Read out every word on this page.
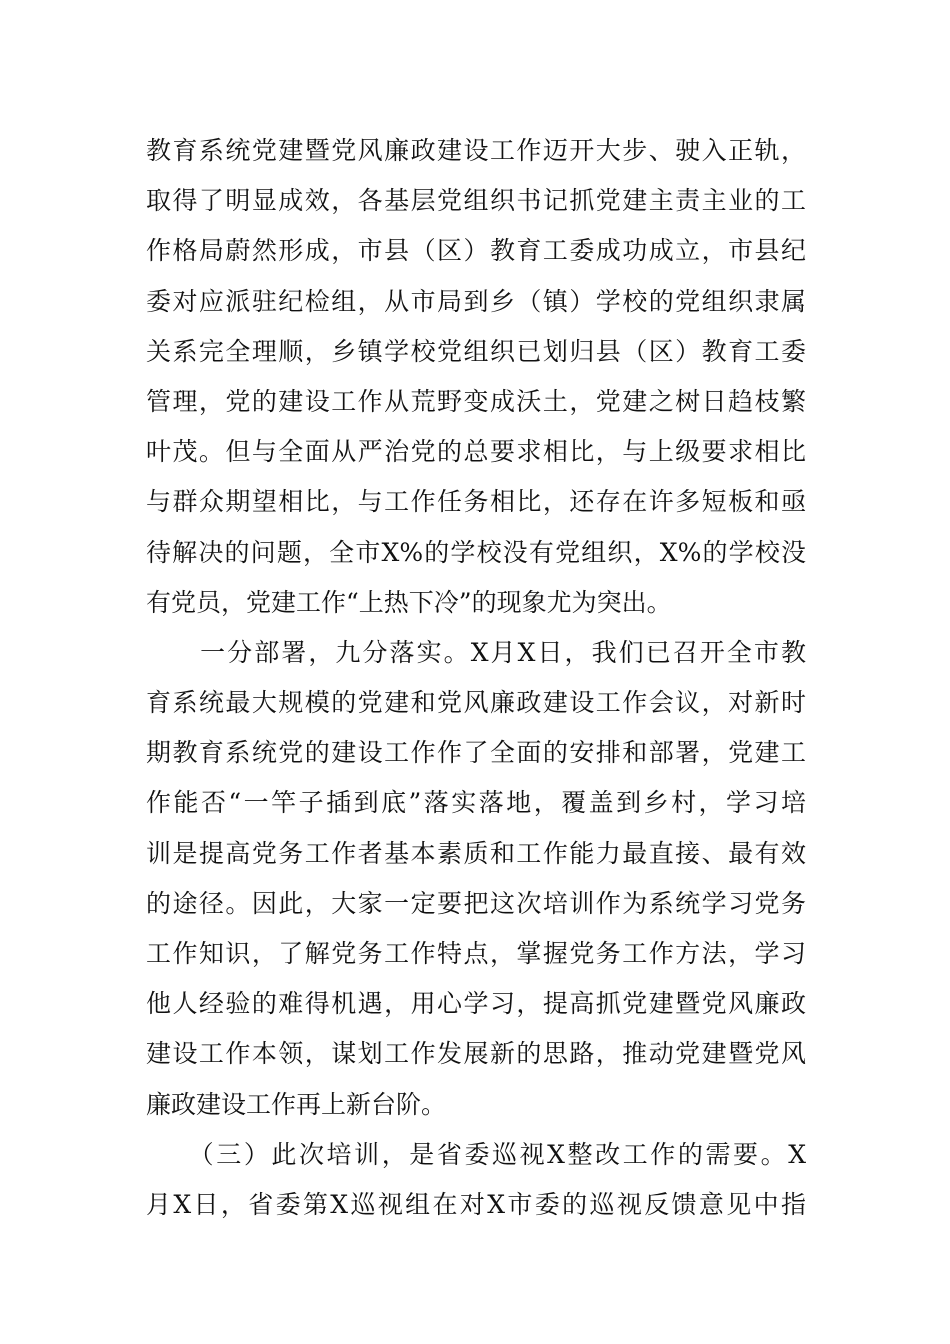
教育系统党建暨党风廉政建设工作迈开大步、驶入正轨，
取得了明显成效，各基层党组织书记抓党建主责主业的工
作格局蔚然形成，市县（区）教育工委成功成立，市县纪
委对应派驻纪检组，从市局到乡（镇）学校的党组织隶属
关系完全理顺，乡镇学校党组织已划归县（区）教育工委
管理，党的建设工作从荒野变成沃土，党建之树日趋枝繁
叶茂。但与全面从严治党的总要求相比，与上级要求相比
与群众期望相比，与工作任务相比，还存在许多短板和亟
待解决的问题，全市X%的学校没有党组织，X%的学校没
有党员，党建工作“上热下冷”的现象尤为突出。
　　一分部署，九分落实。X月X日，我们已召开全市教
育系统最大规模的党建和党风廉政建设工作会议，对新时
期教育系统党的建设工作作了全面的安排和部署，党建工
作能否“一竿子插到底”落实落地，覆盖到乡村，学习培
训是提高党务工作者基本素质和工作能力最直接、最有效
的途径。因此，大家一定要把这次培训作为系统学习党务
工作知识，了解党务工作特点，掌握党务工作方法，学习
他人经验的难得机遇，用心学习，提高抓党建暨党风廉政
建设工作本领，谋划工作发展新的思路，推动党建暨党风
廉政建设工作再上新台阶。
　　（三）此次培训，是省委巡视X整改工作的需要。X
月X日，省委第X巡视组在对X市委的巡视反馈意见中指
